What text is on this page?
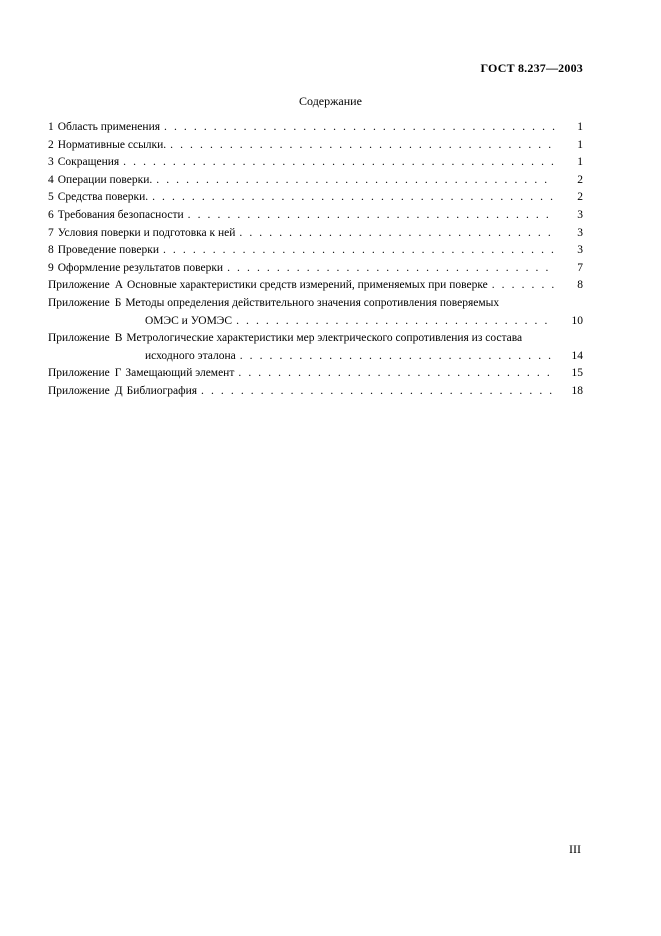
ГОСТ 8.237—2003
Содержание
1 Область применения . . .	1
2 Нормативные ссылки. . . .	1
3 Сокращения . . .	1
4 Операции поверки. . . .	2
5 Средства поверки. . . .	2
6 Требования безопасности . . .	3
7 Условия поверки и подготовка к ней . . .	3
8 Проведение поверки . . .	3
9 Оформление результатов поверки . . .	7
Приложение А Основные характеристики средств измерений, применяемых при поверке . . .	8
Приложение Б Методы определения действительного значения сопротивления поверяемых
ОМЭС и УОМЭС . . .	10
Приложение В Метрологические характеристики мер электрического сопротивления из состава
исходного эталона . . .	14
Приложение Г Замещающий элемент . . .	15
Приложение Д Библиография . . .	18
III
